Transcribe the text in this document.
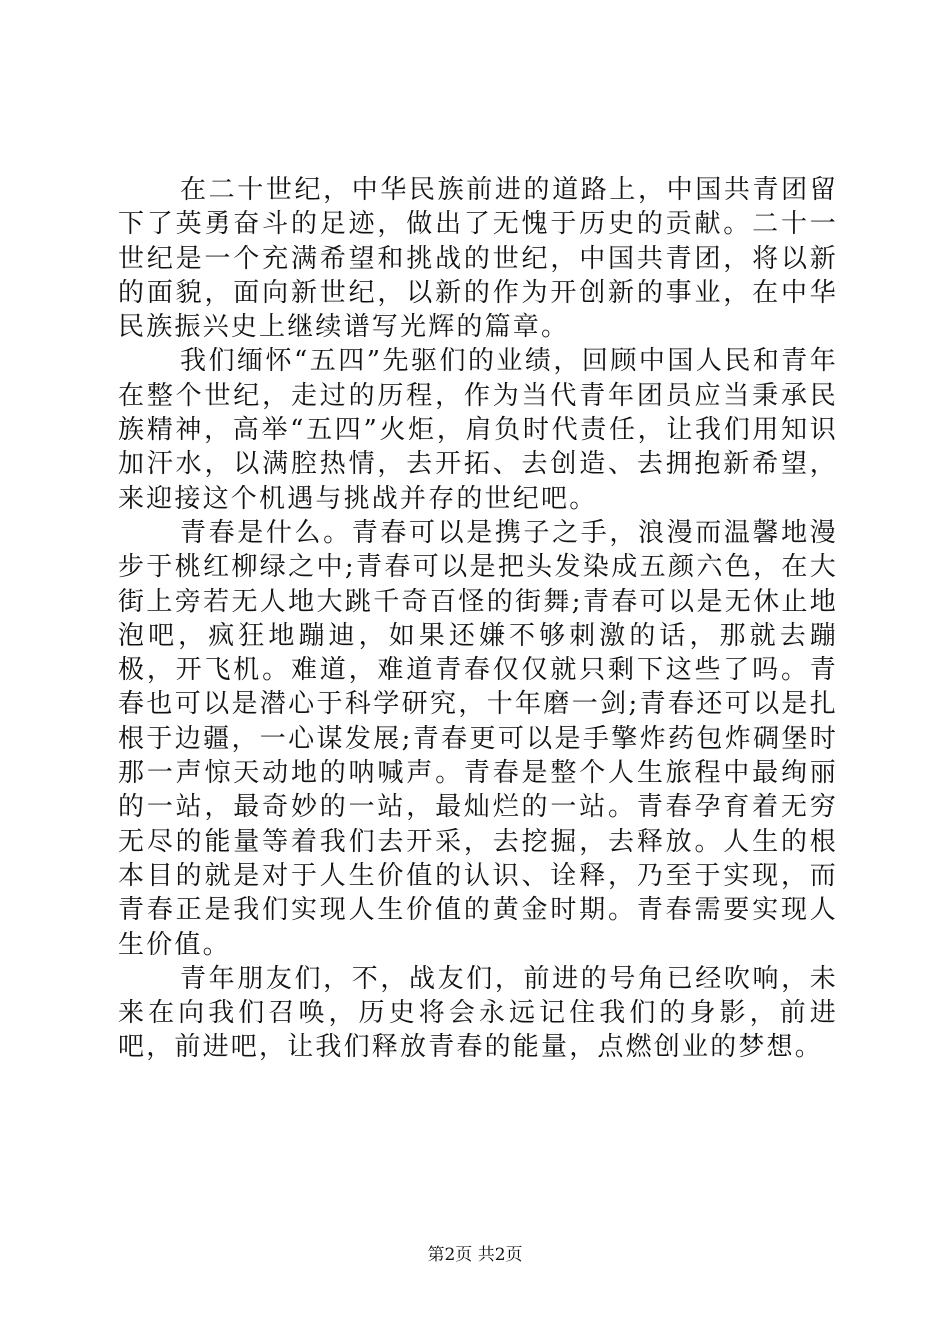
在二十世纪，中华民族前进的道路上，中国共青团留下了英勇奋斗的足迹，做出了无愧于历史的贡献。二十一世纪是一个充满希望和挑战的世纪，中国共青团，将以新的面貌，面向新世纪，以新的作为开创新的事业，在中华民族振兴史上继续谱写光辉的篇章。

我们缅怀“五四”先驱们的业绩，回顾中国人民和青年在整个世纪，走过的历程，作为当代青年团员应当秉承民族精神，高举“五四”火炬，肩负时代责任，让我们用知识加汗水，以满腔热情，去开拓、去创造、去拥抱新希望，来迎接这个机遇与挑战并存的世纪吧。

青春是什么。青春可以是携子之手，浪漫而温馨地漫步于桃红柳绿之中;青春可以是把头发染成五颜六色，在大街上旁若无人地大跳千奇百怪的街舞;青春可以是无休止地泡吧，疯狂地蹦迪，如果还嫌不够刺激的话，那就去蹦极，开飞机。难道，难道青春仅仅就只剩下这些了吗。青春也可以是潜心于科学研究，十年磨一剑;青春还可以是扎根于边疆，一心谋发展;青春更可以是手擎炸药包炸碉堡时那一声惊天动地的呐喊声。青春是整个人生旅程中最绚丽的一站，最奇妙的一站，最灿烂的一站。青春孕育着无穷无尽的能量等着我们去开采，去挖掘，去释放。人生的根本目的就是对于人生价值的认识、诠释，乃至于实现，而青春正是我们实现人生价值的黄金时期。青春需要实现人生价值。

青年朋友们，不，战友们，前进的号角已经吹响，未来在向我们召唤，历史将会永远记住我们的身影，前进吧，前进吧，让我们释放青春的能量，点燃创业的梦想。

第2页 共2页
